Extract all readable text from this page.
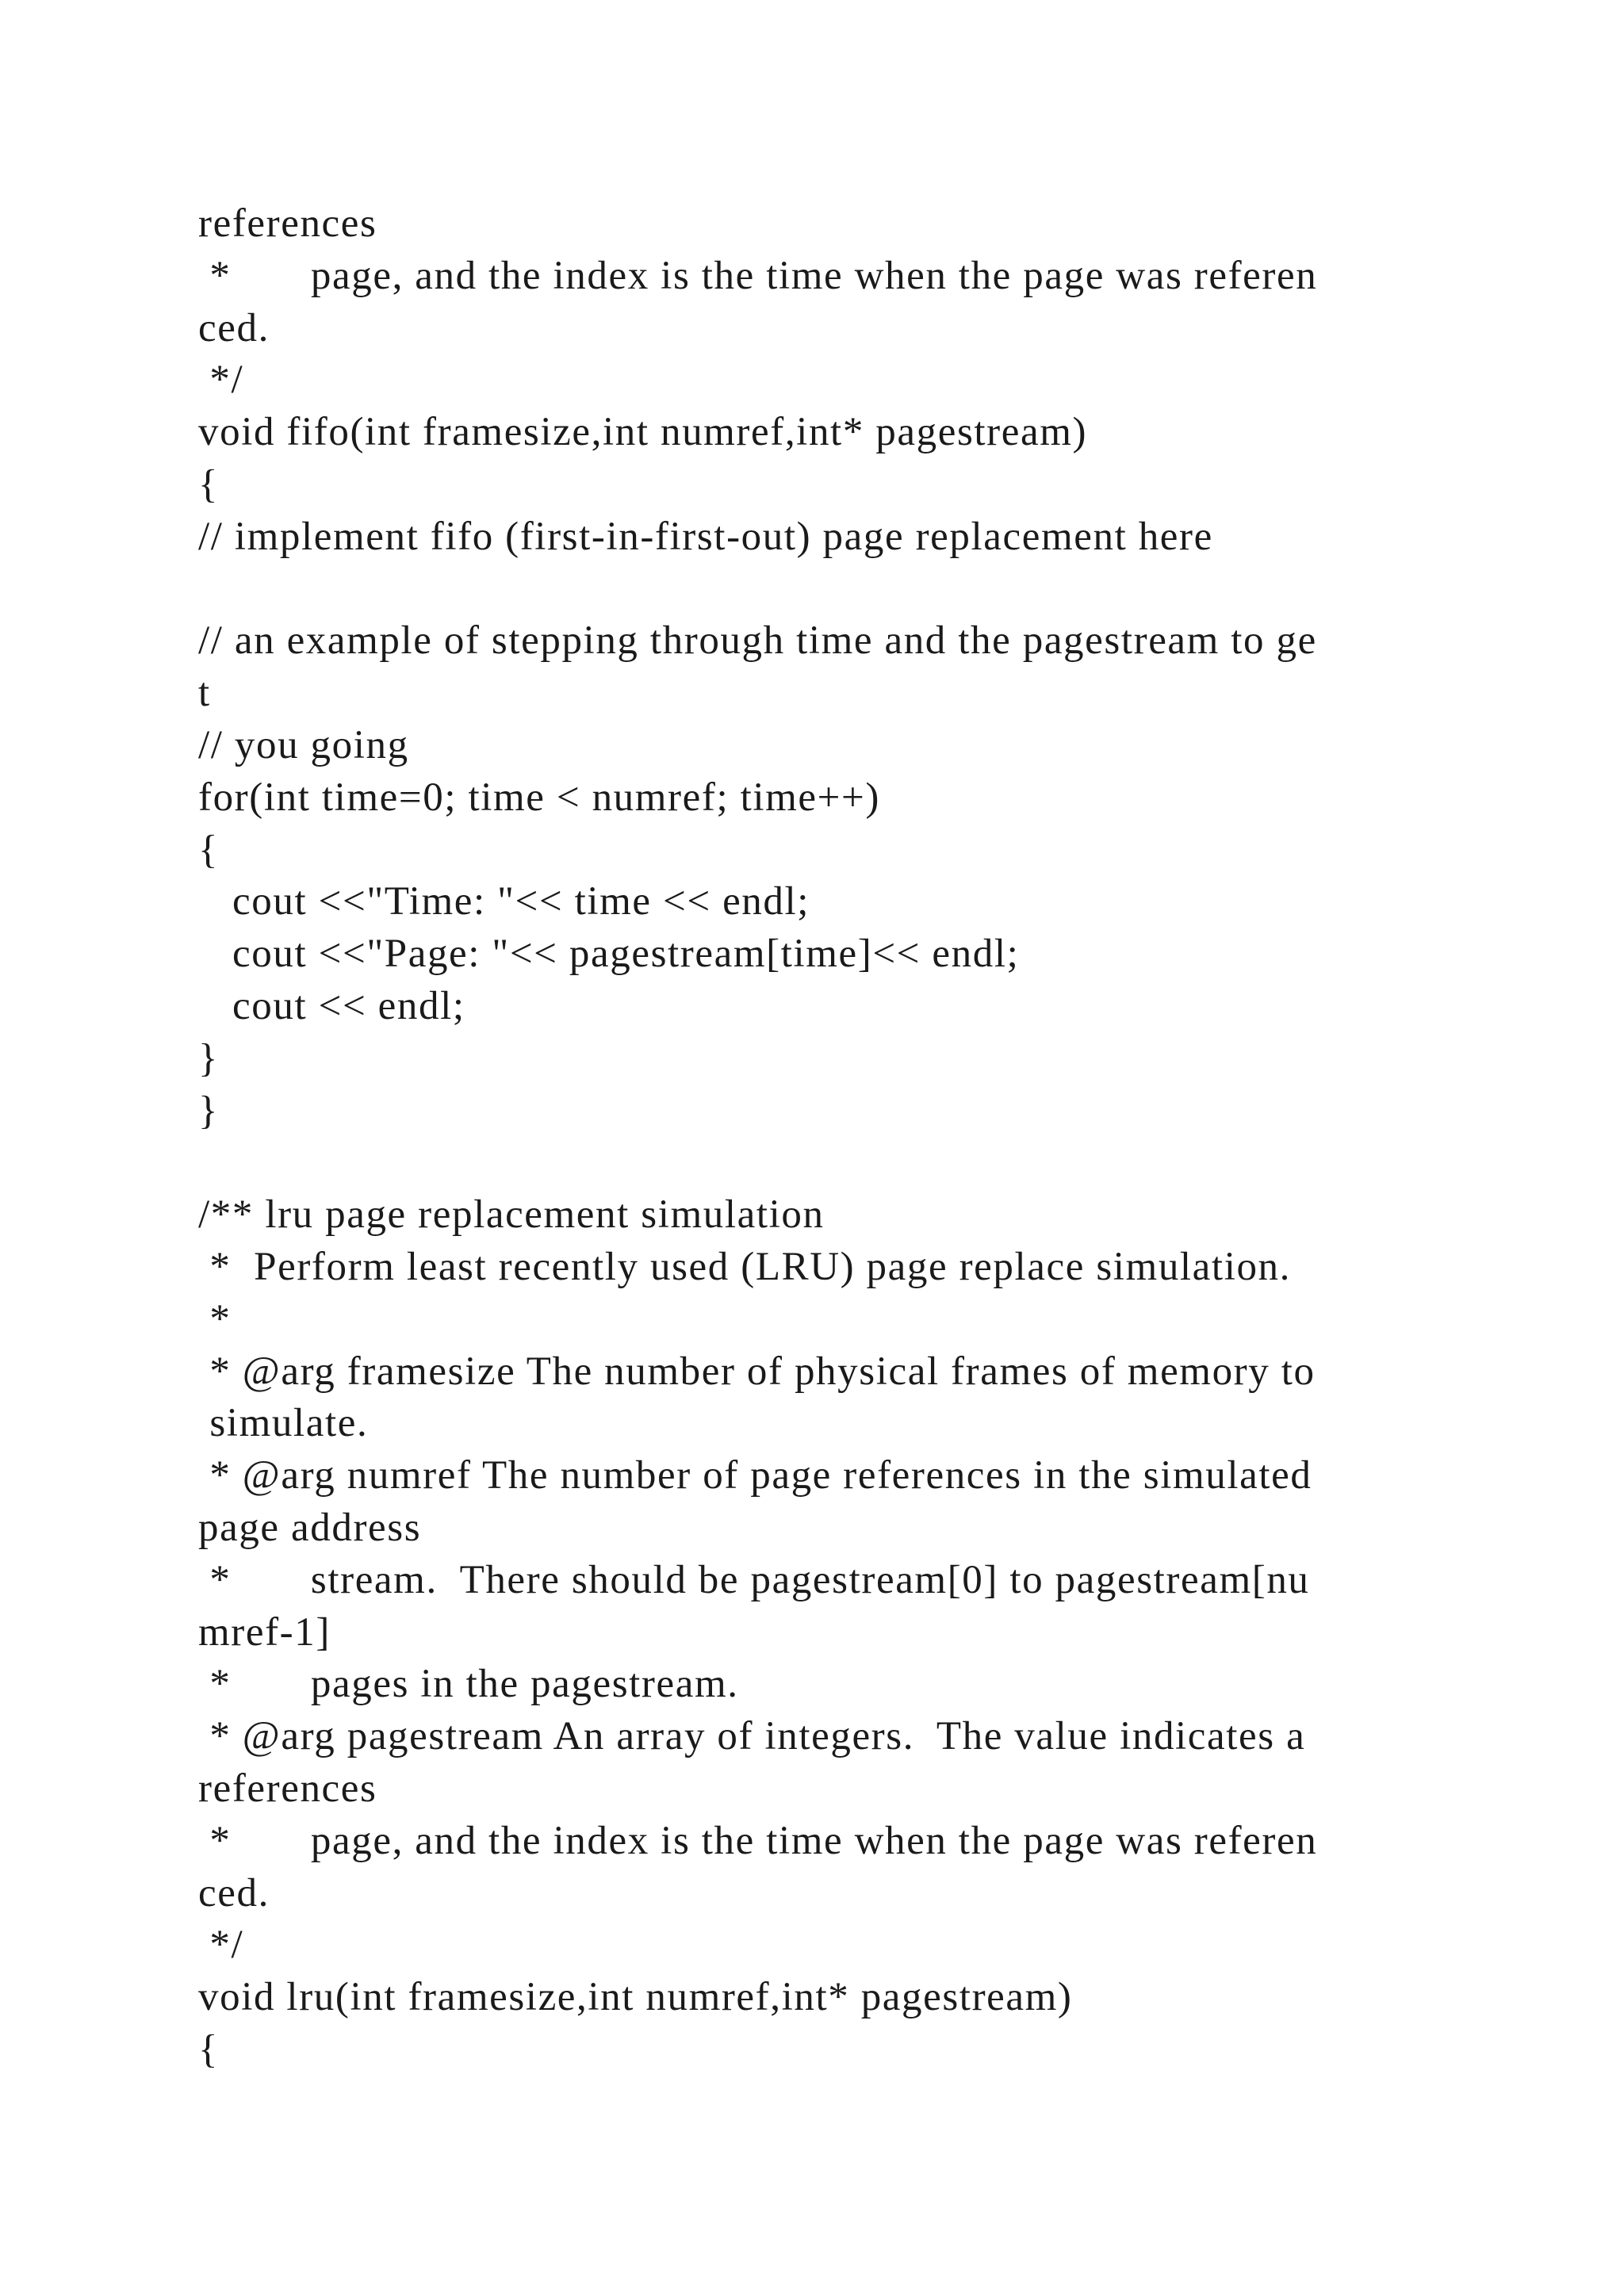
references
*       page, and the index is the time when the page was referen
ced.
*/
void fifo(int framesize,int numref,int* pagestream)
{
// implement fifo (first-in-first-out) page replacement here
// an example of stepping through time and the pagestream to ge
t
// you going
for(int time=0; time < numref; time++)
{
cout <<"Time: "<< time << endl;
cout <<"Page: "<< pagestream[time]<< endl;
cout << endl;
}
}
/** lru page replacement simulation
*  Perform least recently used (LRU) page replace simulation.
*
* @arg framesize The number of physical frames of memory to
simulate.
* @arg numref The number of page references in the simulated
page address
*       stream.  There should be pagestream[0] to pagestream[nu
mref-1]
*       pages in the pagestream.
* @arg pagestream An array of integers.  The value indicates a
references
*       page, and the index is the time when the page was referen
ced.
*/
void lru(int framesize,int numref,int* pagestream)
{
